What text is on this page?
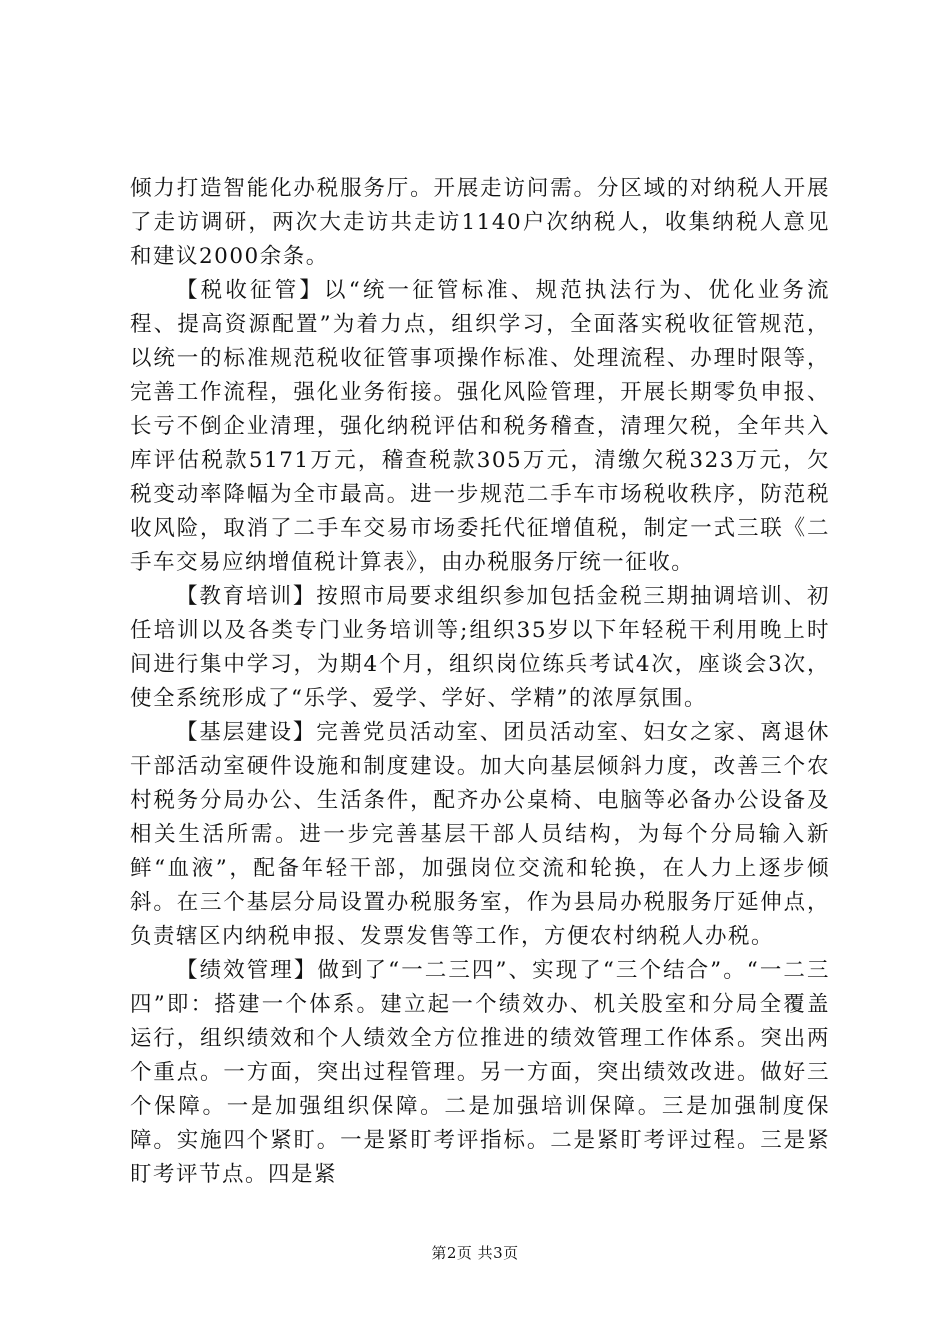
倾力打造智能化办税服务厅。开展走访问需。分区域的对纳税人开展了走访调研，两次大走访共走访1140户次纳税人，收集纳税人意见和建议2000余条。

【税收征管】以“统一征管标准、规范执法行为、优化业务流程、提高资源配置”为着力点，组织学习，全面落实税收征管规范，以统一的标准规范税收征管事项操作标准、处理流程、办理时限等，完善工作流程，强化业务衔接。强化风险管理，开展长期零负申报、长亏不倒企业清理，强化纳税评估和税务稽查，清理欠税，全年共入库评估税款5171万元，稽查税款305万元，清缴欠税323万元，欠税变动率降幅为全市最高。进一步规范二手车市场税收秩序，防范税收风险，取消了二手车交易市场委托代征增值税，制定一式三联《二手车交易应纳增值税计算表》，由办税服务厅统一征收。

【教育培训】按照市局要求组织参加包括金税三期抽调培训、初任培训以及各类专门业务培训等;组织35岁以下年轻税干利用晚上时间进行集中学习，为期4个月，组织岗位练兵考试4次，座谈会3次，使全系统形成了“乐学、爱学、学好、学精”的浓厚氛围。

【基层建设】完善党员活动室、团员活动室、妇女之家、离退休干部活动室硬件设施和制度建设。加大向基层倾斜力度，改善三个农村税务分局办公、生活条件，配齐办公桌椅、电脑等必备办公设备及相关生活所需。进一步完善基层干部人员结构，为每个分局输入新鲜“血液”，配备年轻干部，加强岗位交流和轮换，在人力上逐步倾斜。在三个基层分局设置办税服务室，作为县局办税服务厅延伸点，负责辖区内纳税申报、发票发售等工作，方便农村纳税人办税。

【绩效管理】做到了“一二三四”、实现了“三个结合”。“一二三四”即：搭建一个体系。建立起一个绩效办、机关股室和分局全覆盖运行，组织绩效和个人绩效全方位推进的绩效管理工作体系。突出两个重点。一方面，突出过程管理。另一方面，突出绩效改进。做好三个保障。一是加强组织保障。二是加强培训保障。三是加强制度保障。实施四个紧盯。一是紧盯考评指标。二是紧盯考评过程。三是紧盯考评节点。四是紧

第2页 共3页
